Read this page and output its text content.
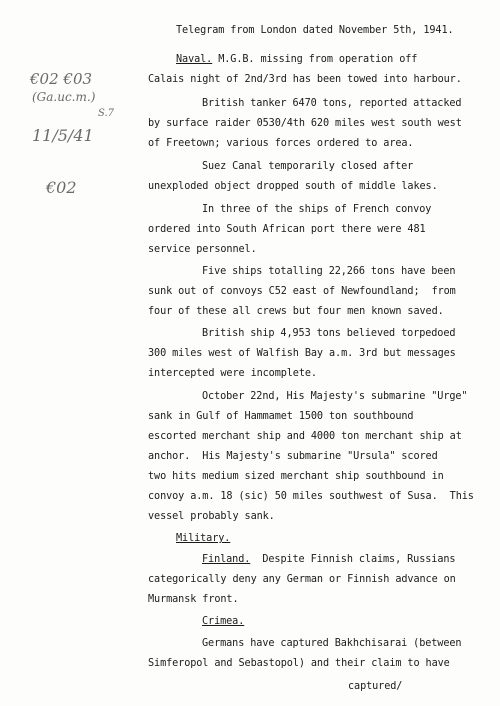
Telegram from London dated November 5th, 1941.
€02 €03
(Ga.uc.m.)
S.7
11/5/41
€02
Naval. M.G.B. missing from operation off
Calais night of 2nd/3rd has been towed into harbour.
British tanker 6470 tons, reported attacked
by surface raider 0530/4th 620 miles west south west
of Freetown; various forces ordered to area.
Suez Canal temporarily closed after
unexploded object dropped south of middle lakes.
In three of the ships of French convoy
ordered into South African port there were 481
service personnel.
Five ships totalling 22,266 tons have been
sunk out of convoys C52 east of Newfoundland;  from
four of these all crews but four men known saved.
British ship 4,953 tons believed torpedoed
300 miles west of Walfish Bay a.m. 3rd but messages
intercepted were incomplete.
October 22nd, His Majesty's submarine "Urge"
sank in Gulf of Hammamet 1500 ton southbound
escorted merchant ship and 4000 ton merchant ship at
anchor.  His Majesty's submarine "Ursula" scored
two hits medium sized merchant ship southbound in
convoy a.m. 18 (sic) 50 miles southwest of Susa.  This
vessel probably sank.
Military.
Finland.  Despite Finnish claims, Russians
categorically deny any German or Finnish advance on
Murmansk front.
Crimea.
Germans have captured Bakhchisarai (between
Simferopol and Sebastopol) and their claim to have
captured/
